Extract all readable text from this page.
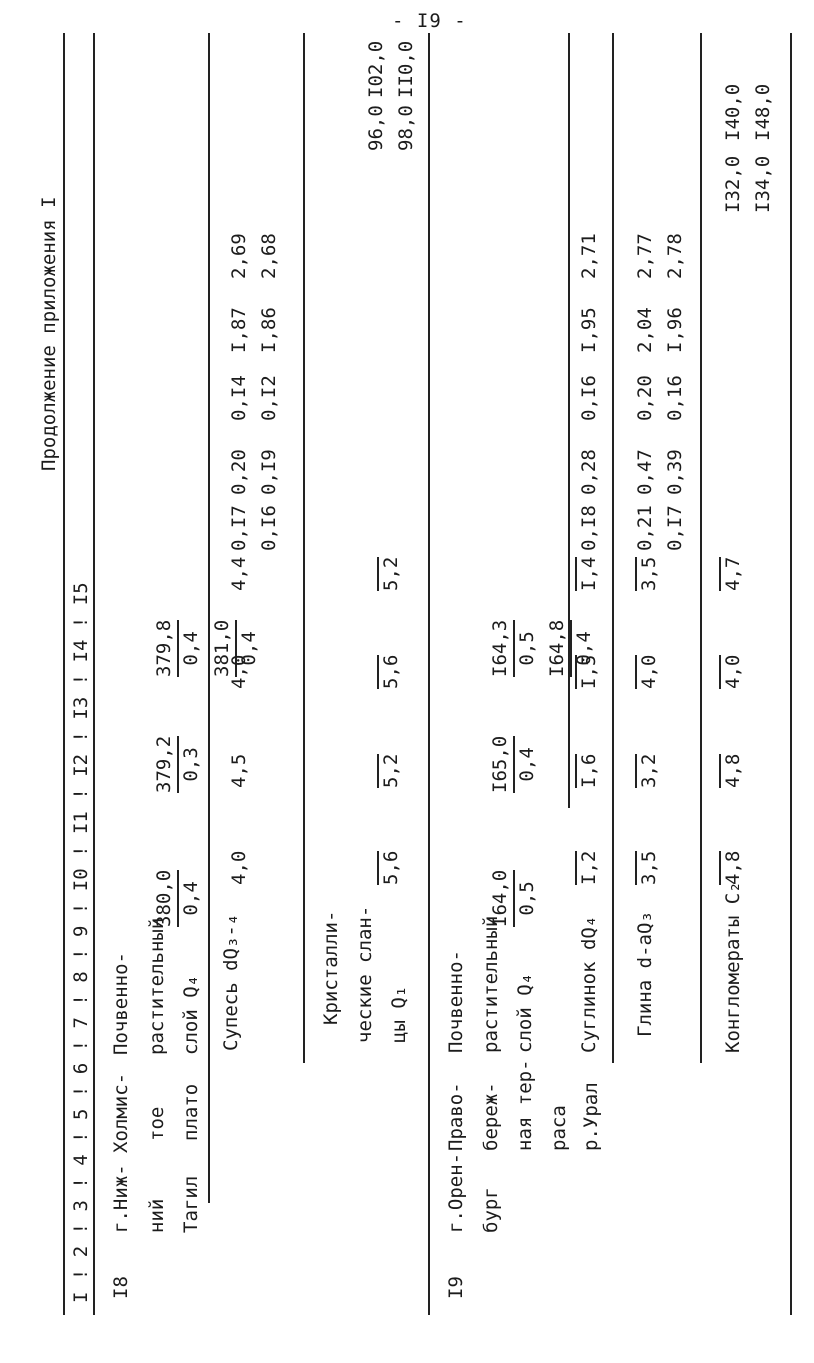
- I9 -
Продолжение приложения I
I ! 2 ! 3 ! 4 ! 5 ! 6 ! 7 ! 8 ! 9 ! I0 ! I1 ! I2 ! I3 ! I4 ! I5 I8
г.Ниж- ний Тагил
Холмис- тое плато
Почвенно- растительный слой Q₄
380,0 0,4
379,2 0,3
379,8 0,4 381,0 0,4
Супесь dQ₃-₄
4,0
4,5
4,0
4,4
0,I7 0,I6
0,20 0,I9
0,I4 0,I2
I,87 I,86
2,69 2,68
Кристалли- ческие слан- цы Q₁
5,6
5,2
5,6
5,2
96,0 98,0
I02,0 II0,0
I9
г.Орен- бург
Право- береж- ная тер- раса р.Урал
Почвенно- растительный слой Q₄
I64,0 0,5
I65,0 0,4
I64,3 0,5 I64,8 0,4
Суглинок dQ₄
I,2
I,6
I,5
I,4
0,I8
0,28
0,I6
I,95
2,71
Глина d-aQ₃
3,5
3,2
4,0
3,5
0,21 0,I7
0,47 0,39
0,20 0,16
2,04 I,96
2,77 2,78
Конгломераты C₂
4,8
4,8
4,0
4,7
I32,0 I34,0
I40,0 I48,0
